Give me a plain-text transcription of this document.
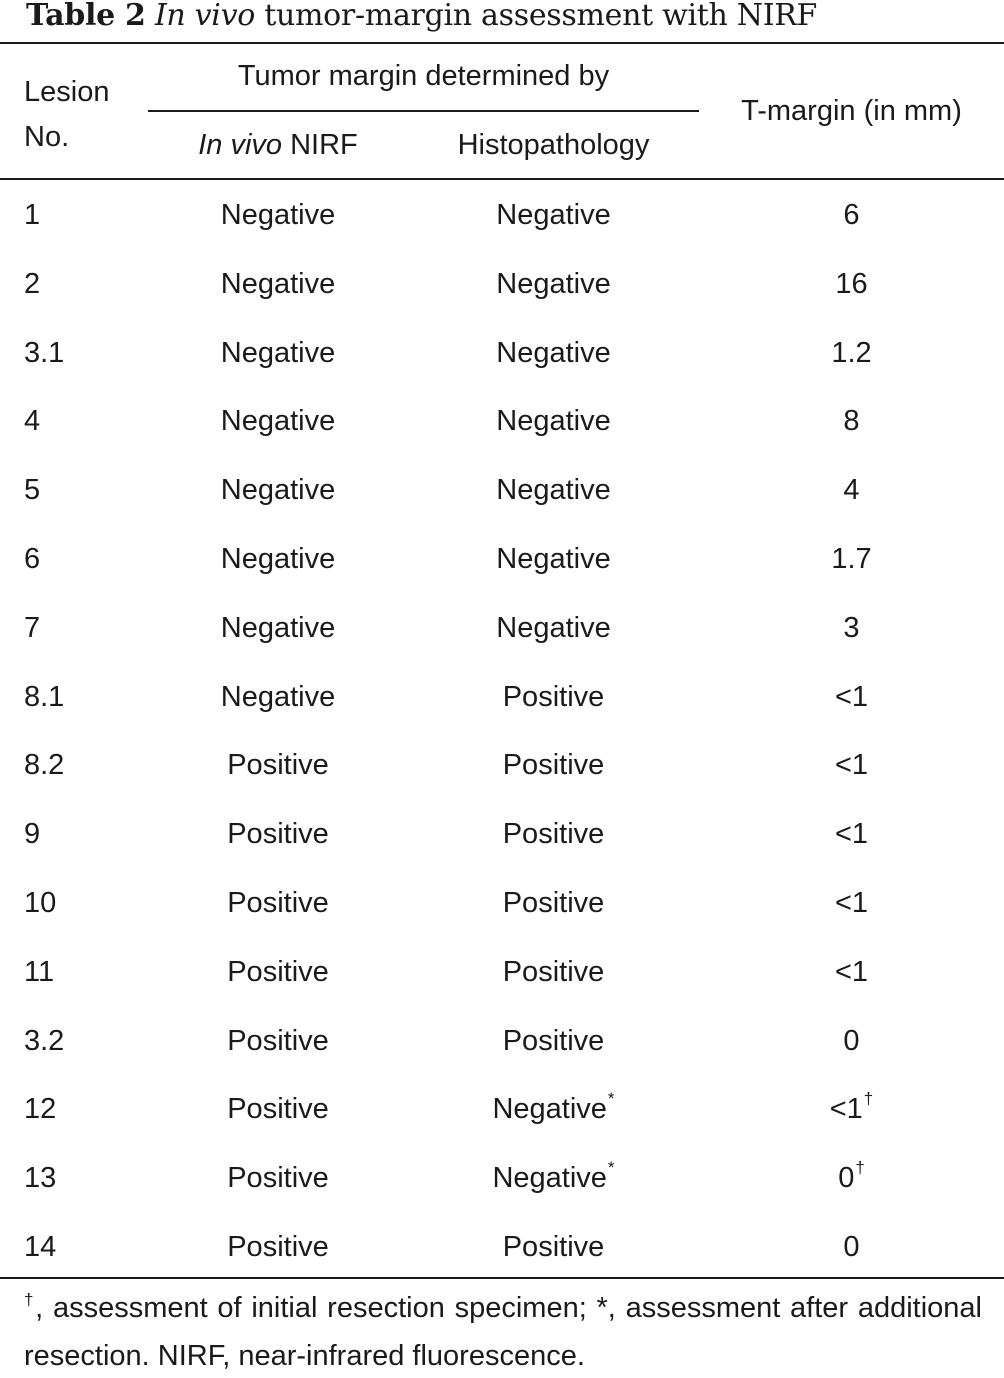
Table 2 In vivo tumor-margin assessment with NIRF
Lesion
No.
Tumor margin determined by
In vivo NIRF	Histopathology
T-margin (in mm)
1	Negative	Negative	6
2	Negative	Negative	16
3.1	Negative	Negative	1.2
4	Negative	Negative	8
5	Negative	Negative	4
6	Negative	Negative	1.7
7	Negative	Negative	3
8.1	Negative	Positive	<1
8.2	Positive	Positive	<1
9	Positive	Positive	<1
10	Positive	Positive	<1
11	Positive	Positive	<1
3.2	Positive	Positive	0
12	Positive	Negative*	<1†
13	Positive	Negative*	0†
14	Positive	Positive	0
†, assessment of initial resection specimen; *, assessment after additional resection. NIRF, near-infrared fluorescence.
